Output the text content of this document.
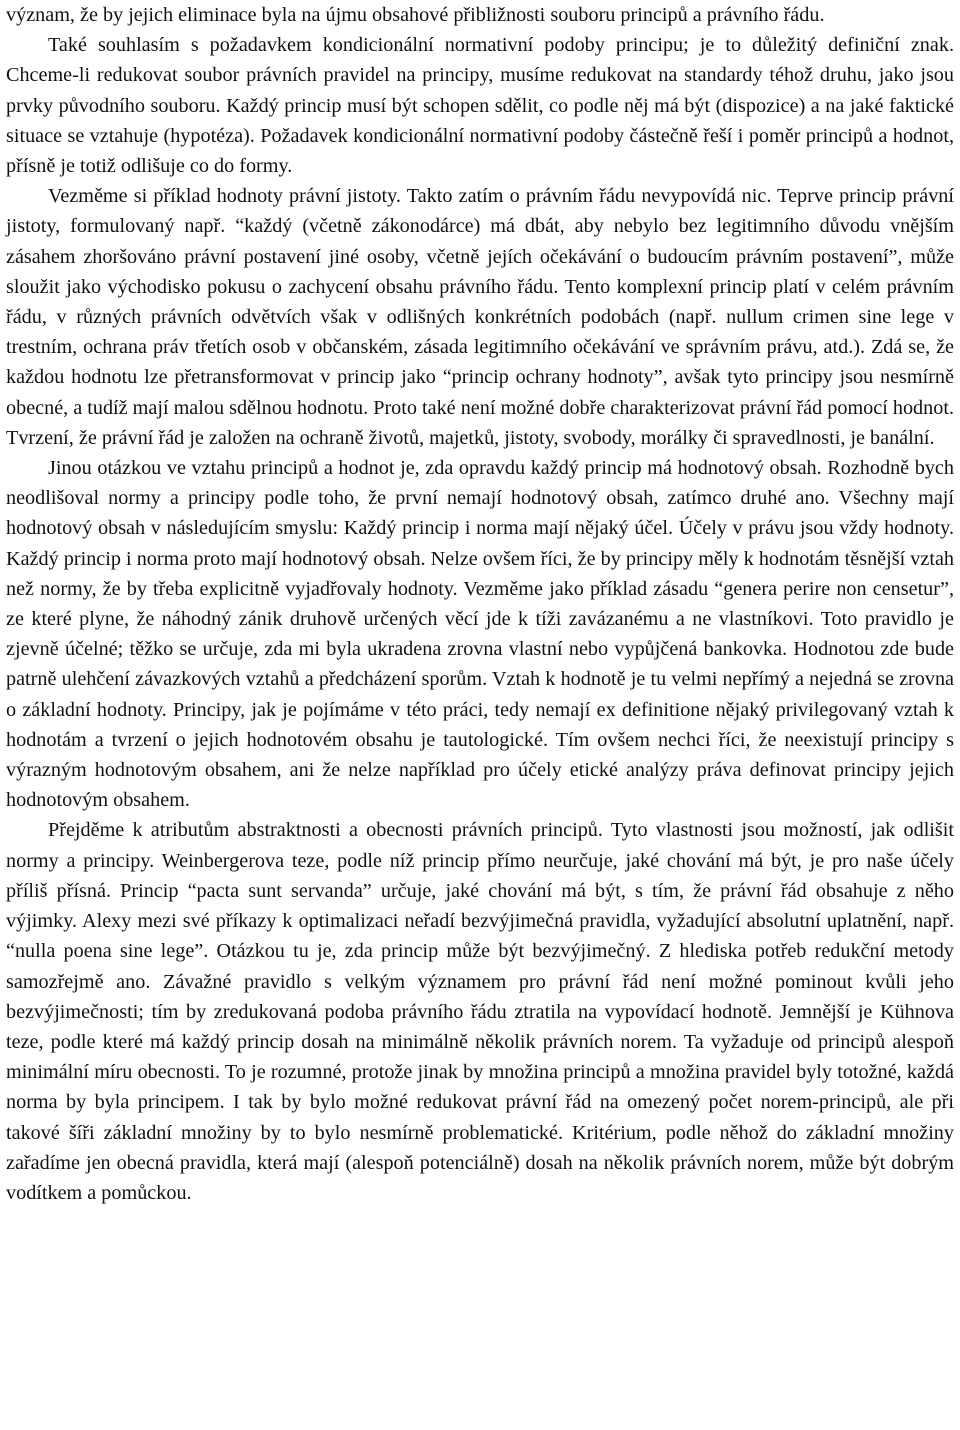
význam, že by jejich eliminace byla na újmu obsahové přibližnosti souboru principů a právního řádu.

Také souhlasím s požadavkem kondicionální normativní podoby principu; je to důležitý definiční znak. Chceme-li redukovat soubor právních pravidel na principy, musíme redukovat na standardy téhož druhu, jako jsou prvky původního souboru. Každý princip musí být schopen sdělit, co podle něj má být (dispozice) a na jaké faktické situace se vztahuje (hypotéza). Požadavek kondicionální normativní podoby částečně řeší i poměr principů a hodnot, přísně je totiž odlišuje co do formy.

Vezměme si příklad hodnoty právní jistoty. Takto zatím o právním řádu nevypovídá nic. Teprve princip právní jistoty, formulovaný např. “každý (včetně zákonodárce) má dbát, aby nebylo bez legitimního důvodu vnějším zásahem zhoršováno právní postavení jiné osoby, včetně jejích očekávání o budoucím právním postavení”, může sloužit jako východisko pokusu o zachycení obsahu právního řádu. Tento komplexní princip platí v celém právním řádu, v různých právních odvětvích však v odlišných konkrétních podobách (např. nullum crimen sine lege v trestním, ochrana práv třetích osob v občanském, zásada legitimního očekávání ve správním právu, atd.). Zdá se, že každou hodnotu lze přetransformovat v princip jako “princip ochrany hodnoty”, avšak tyto principy jsou nesmírně obecné, a tudíž mají malou sdělnou hodnotu. Proto také není možné dobře charakterizovat právní řád pomocí hodnot. Tvrzení, že právní řád je založen na ochraně životů, majetků, jistoty, svobody, morálky či spravedlnosti, je banální.

Jinou otázkou ve vztahu principů a hodnot je, zda opravdu každý princip má hodnotový obsah. Rozhodně bych neodlišoval normy a principy podle toho, že první nemají hodnotový obsah, zatímco druhé ano. Všechny mají hodnotový obsah v následujícím smyslu: Každý princip i norma mají nějaký účel. Účely v právu jsou vždy hodnoty. Každý princip i norma proto mají hodnotový obsah. Nelze ovšem říci, že by principy měly k hodnotám těsnější vztah než normy, že by třeba explicitně vyjadřovaly hodnoty. Vezměme jako příklad zásadu “genera perire non censetur”, ze které plyne, že náhodný zánik druhově určených věcí jde k tíži zavázanému a ne vlastníkovi. Toto pravidlo je zjevně účelné; těžko se určuje, zda mi byla ukradena zrovna vlastní nebo vypůjčená bankovka. Hodnotou zde bude patrně ulehčení závazkových vztahů a předcházení sporům. Vztah k hodnotě je tu velmi nepřímý a nejedná se zrovna o základní hodnoty. Principy, jak je pojímáme v této práci, tedy nemají ex definitione nějaký privilegovaný vztah k hodnotám a tvrzení o jejich hodnotovém obsahu je tautologické. Tím ovšem nechci říci, že neexistují principy s výrazným hodnotovým obsahem, ani že nelze například pro účely etické analýzy práva definovat principy jejich hodnotovým obsahem.

Přejděme k atributům abstraktnosti a obecnosti právních principů. Tyto vlastnosti jsou možností, jak odlišit normy a principy. Weinbergerova teze, podle níž princip přímo neurčuje, jaké chování má být, je pro naše účely příliš přísná. Princip “pacta sunt servanda” určuje, jaké chování má být, s tím, že právní řád obsahuje z něho výjimky. Alexy mezi své příkazy k optimalizaci neřadí bezvýjimečná pravidla, vyžadující absolutní uplatnění, např. “nulla poena sine lege”. Otázkou tu je, zda princip může být bezvýjimečný. Z hlediska potřeb redukční metody samozřejmě ano. Závažné pravidlo s velkým významem pro právní řád není možné pominout kvůli jeho bezvýjimečnosti; tím by zredukovaná podoba právního řádu ztratila na vypovídací hodnotě. Jemnější je Kühnova teze, podle které má každý princip dosah na minimálně několik právních norem. Ta vyžaduje od principů alespoň minimální míru obecnosti. To je rozumné, protože jinak by množina principů a množina pravidel byly totožné, každá norma by byla principem. I tak by bylo možné redukovat právní řád na omezený počet norem-principů, ale při takové šíři základní množiny by to bylo nesmírně problematické. Kritérium, podle něhož do základní množiny zařadíme jen obecná pravidla, která mají (alespoň potenciálně) dosah na několik právních norem, může být dobrým vodítkem a pomůckou.
